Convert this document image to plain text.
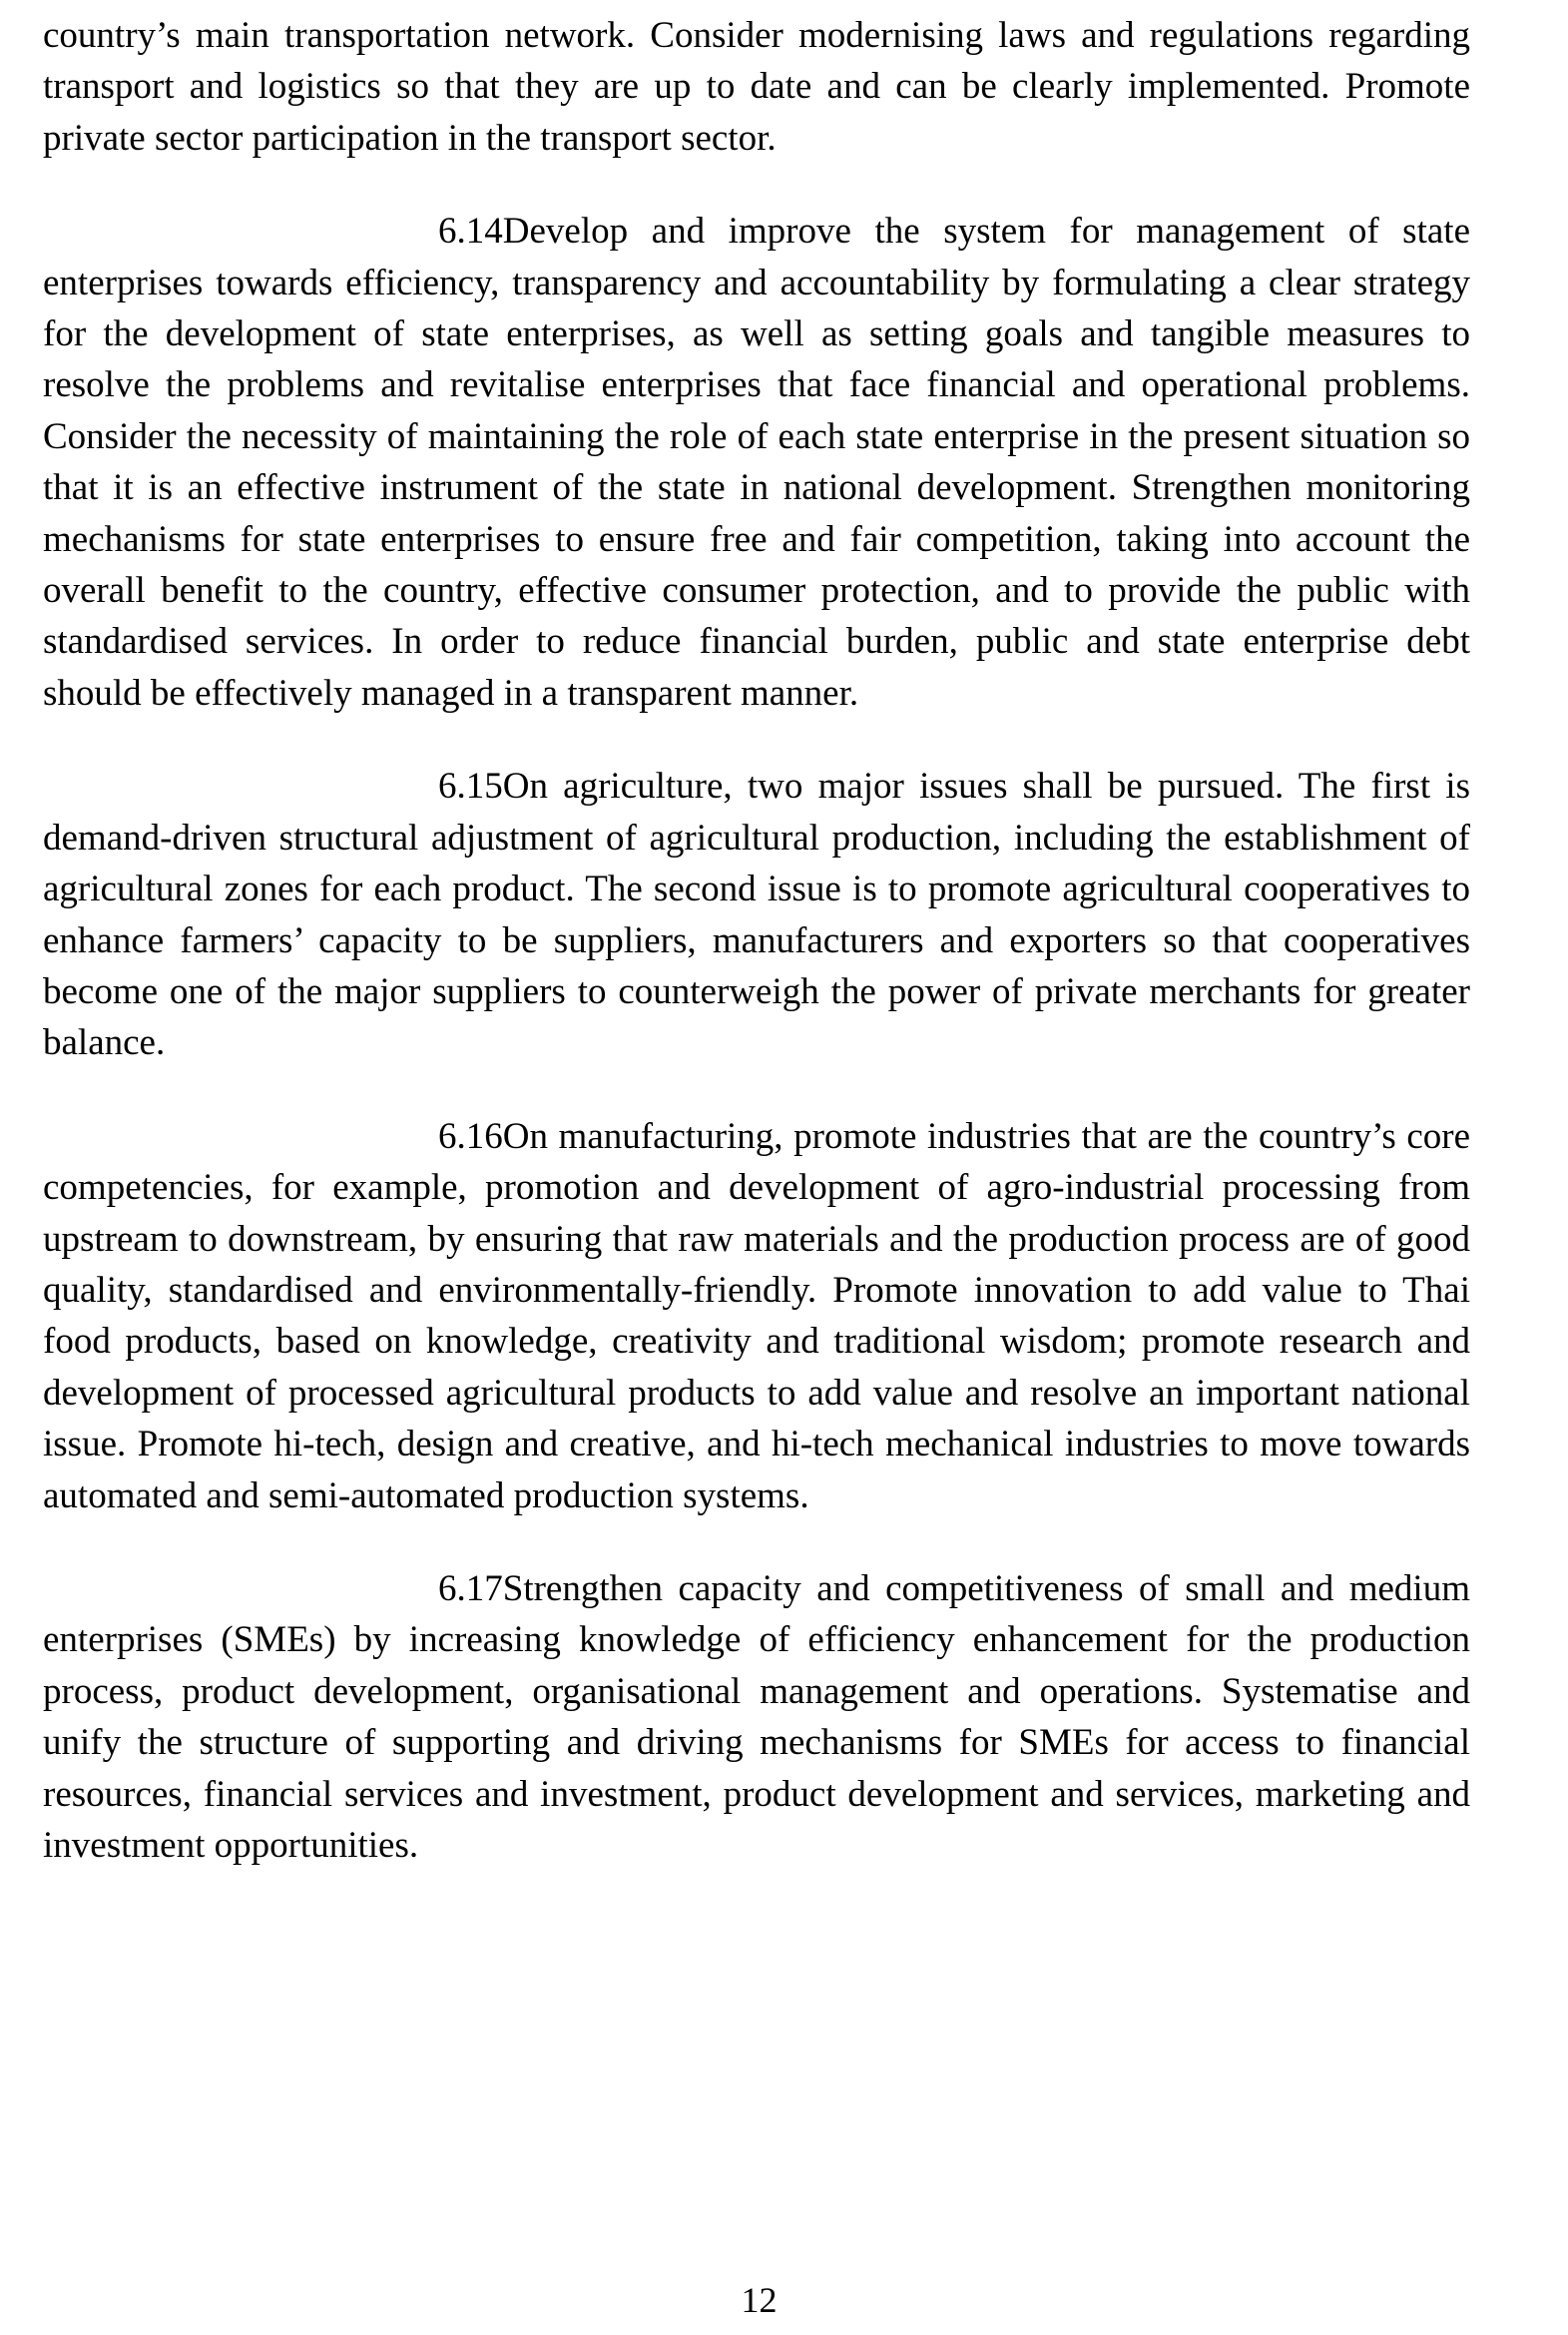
country’s main transportation network. Consider modernising laws and regulations regarding transport and logistics so that they are up to date and can be clearly implemented. Promote private sector participation in the transport sector.

6.14Develop and improve the system for management of state enterprises towards efficiency, transparency and accountability by formulating a clear strategy for the development of state enterprises, as well as setting goals and tangible measures to resolve the problems and revitalise enterprises that face financial and operational problems. Consider the necessity of maintaining the role of each state enterprise in the present situation so that it is an effective instrument of the state in national development. Strengthen monitoring mechanisms for state enterprises to ensure free and fair competition, taking into account the overall benefit to the country, effective consumer protection, and to provide the public with standardised services. In order to reduce financial burden, public and state enterprise debt should be effectively managed in a transparent manner.

6.15On agriculture, two major issues shall be pursued. The first is demand-driven structural adjustment of agricultural production, including the establishment of agricultural zones for each product. The second issue is to promote agricultural cooperatives to enhance farmers’ capacity to be suppliers, manufacturers and exporters so that cooperatives become one of the major suppliers to counterweigh the power of private merchants for greater balance.

6.16On manufacturing, promote industries that are the country’s core competencies, for example, promotion and development of agro-industrial processing from upstream to downstream, by ensuring that raw materials and the production process are of good quality, standardised and environmentally-friendly. Promote innovation to add value to Thai food products, based on knowledge, creativity and traditional wisdom; promote research and development of processed agricultural products to add value and resolve an important national issue. Promote hi-tech, design and creative, and hi-tech mechanical industries to move towards automated and semi-automated production systems.

6.17Strengthen capacity and competitiveness of small and medium enterprises (SMEs) by increasing knowledge of efficiency enhancement for the production process, product development, organisational management and operations. Systematise and unify the structure of supporting and driving mechanisms for SMEs for access to financial resources, financial services and investment, product development and services, marketing and investment opportunities.

12
